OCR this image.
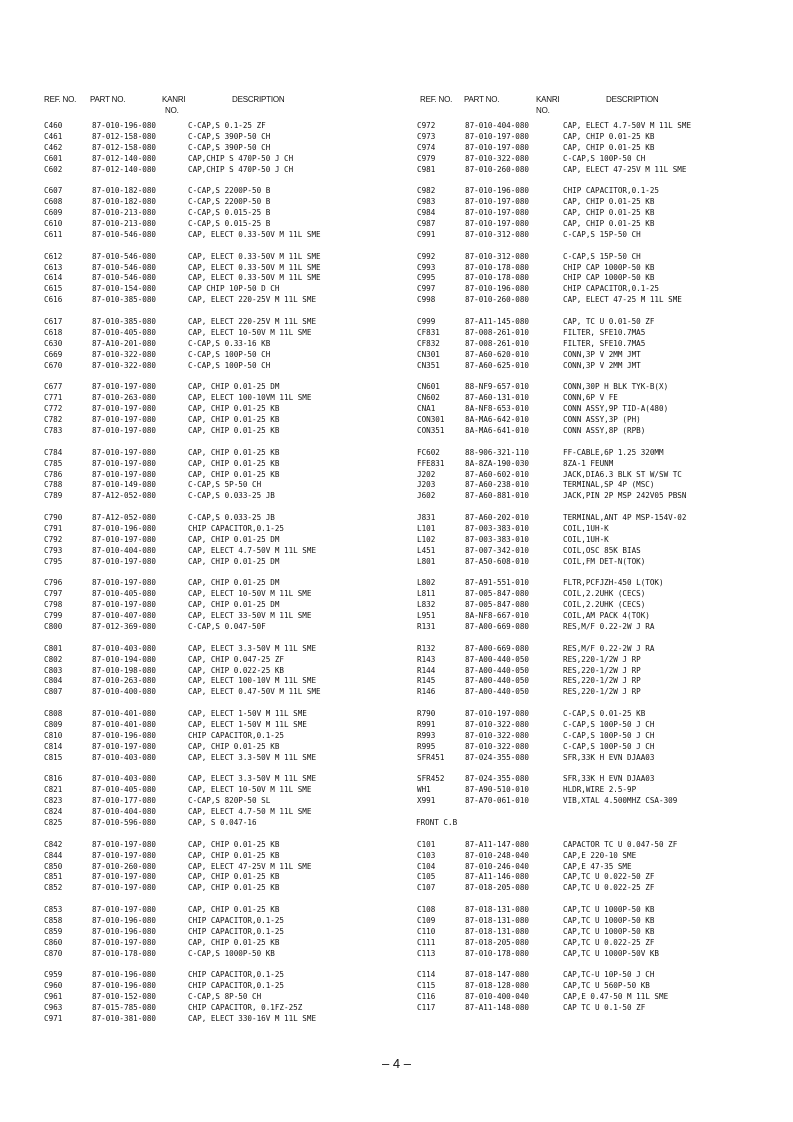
REF. NO. PART NO.	KANRI
NO.
DESCRIPTION
C460	87-010-196-080	C-CAP,S 0.1-25 ZF
C461	87-012-158-080	C-CAP,S 390P-50 CH
C462	87-012-158-080	C-CAP,S 390P-50 CH
C601	87-012-140-080	CAP,CHIP S 470P-50 J CH
C602	87-012-140-080	CAP,CHIP S 470P-50 J CH
C607	87-010-182-080	C-CAP,S 2200P-50 B
C608	87-010-182-080	C-CAP,S 2200P-50 B
C609	87-010-213-080	C-CAP,S 0.015-25 B
C610	87-010-213-080	C-CAP,S 0.015-25 B
C611	87-010-546-080	CAP, ELECT 0.33-50V M 11L SME
C612	87-010-546-080	CAP, ELECT 0.33-50V M 11L SME
C613	87-010-546-080	CAP, ELECT 0.33-50V M 11L SME
C614	87-010-546-080	CAP, ELECT 0.33-50V M 11L SME
C615	87-010-154-080	CAP CHIP 10P-50 D CH
C616	87-010-385-080	CAP, ELECT 220-25V M 11L SME
C617	87-010-385-080	CAP, ELECT 220-25V M 11L SME
C618	87-010-405-080	CAP, ELECT 10-50V M 11L SME
C630	87-A10-201-080	C-CAP,S 0.33-16 KB
C669	87-010-322-080	C-CAP,S 100P-50 CH
C670	87-010-322-080	C-CAP,S 100P-50 CH
C677	87-010-197-080	CAP, CHIP 0.01-25 DM
C771	87-010-263-080	CAP, ELECT 100-10VM 11L SME
C772	87-010-197-080	CAP, CHIP 0.01-25 KB
C782	87-010-197-080	CAP, CHIP 0.01-25 KB
C783	87-010-197-080	CAP, CHIP 0.01-25 KB
C784	87-010-197-080	CAP, CHIP 0.01-25 KB
C785	87-010-197-080	CAP, CHIP 0.01-25 KB
C786	87-010-197-080	CAP, CHIP 0.01-25 KB
C788	87-010-149-080	C-CAP,S 5P-50 CH
C789	87-A12-052-080	C-CAP,S 0.033-25 JB
C790	87-A12-052-080	C-CAP,S 0.033-25 JB
C791	87-010-196-080	CHIP CAPACITOR,0.1-25
C792	87-010-197-080	CAP, CHIP 0.01-25 DM
C793	87-010-404-080	CAP, ELECT 4.7-50V M 11L SME
C795	87-010-197-080	CAP, CHIP 0.01-25 DM
C796	87-010-197-080	CAP, CHIP 0.01-25 DM
C797	87-010-405-080	CAP, ELECT 10-50V M 11L SME
C798	87-010-197-080	CAP, CHIP 0.01-25 DM
C799	87-010-407-080	CAP, ELECT 33-50V M 11L SME
C800	87-012-369-080	C-CAP,S 0.047-50F
C801	87-010-403-080	CAP, ELECT 3.3-50V M 11L SME
C802	87-010-194-080	CAP, CHIP 0.047-25 ZF
C803	87-010-198-080	CAP, CHIP 0.022-25 KB
C804	87-010-263-080	CAP, ELECT 100-10V M 11L SME
C807	87-010-400-080	CAP, ELECT 0.47-50V M 11L SME
C808	87-010-401-080	CAP, ELECT 1-50V M 11L SME
C809	87-010-401-080	CAP, ELECT 1-50V M 11L SME
C810	87-010-196-080	CHIP CAPACITOR,0.1-25
C814	87-010-197-080	CAP, CHIP 0.01-25 KB
C815	87-010-403-080	CAP, ELECT 3.3-50V M 11L SME
C816	87-010-403-080	CAP, ELECT 3.3-50V M 11L SME
C821	87-010-405-080	CAP, ELECT 10-50V M 11L SME
C823	87-010-177-080	C-CAP,S 820P-50 SL
C824	87-010-404-080	CAP, ELECT 4.7-50 M 11L SME
C825	87-010-596-080	CAP, S 0.047-16
C842	87-010-197-080	CAP, CHIP 0.01-25 KB
C844	87-010-197-080	CAP, CHIP 0.01-25 KB
C850	87-010-260-080	CAP, ELECT 47-25V M 11L SME
C851	87-010-197-080	CAP, CHIP 0.01-25 KB
C852	87-010-197-080	CAP, CHIP 0.01-25 KB
C853	87-010-197-080	CAP, CHIP 0.01-25 KB
C858	87-010-196-080	CHIP CAPACITOR,0.1-25
C859	87-010-196-080	CHIP CAPACITOR,0.1-25
C860	87-010-197-080	CAP, CHIP 0.01-25 KB
C870	87-010-178-080	C-CAP,S 1000P-50 KB
C959	87-010-196-080	CHIP CAPACITOR,0.1-25
C960	87-010-196-080	CHIP CAPACITOR,0.1-25
C961	87-010-152-080	C-CAP,S 8P-50 CH
C963	87-015-785-080	CHIP CAPACITOR, 0.1FZ-25Z
C971	87-010-381-080	CAP, ELECT 330-16V M 11L SME
REF. NO. PART NO.	KANRI
NO.
DESCRIPTION
C972	87-010-404-080	CAP, ELECT 4.7-50V M 11L SME
C973	87-010-197-080	CAP, CHIP 0.01-25 KB
C974	87-010-197-080	CAP, CHIP 0.01-25 KB
C979	87-010-322-080	C-CAP,S 100P-50 CH
C981	87-010-260-080	CAP, ELECT 47-25V M 11L SME
C982	87-010-196-080	CHIP CAPACITOR,0.1-25
C983	87-010-197-080	CAP, CHIP 0.01-25 KB
C984	87-010-197-080	CAP, CHIP 0.01-25 KB
C987	87-010-197-080	CAP, CHIP 0.01-25 KB
C991	87-010-312-080	C-CAP,S 15P-50 CH
C992	87-010-312-080	C-CAP,S 15P-50 CH
C993	87-010-178-080	CHIP CAP 1000P-50 KB
C995	87-010-178-080	CHIP CAP 1000P-50 KB
C997	87-010-196-080	CHIP CAPACITOR,0.1-25
C998	87-010-260-080	CAP, ELECT 47-25 M 11L SME
C999	87-A11-145-080	CAP, TC U 0.01-50 ZF
CF831	87-008-261-010	FILTER, SFE10.7MA5
CF832	87-008-261-010	FILTER, SFE10.7MA5
CN301	87-A60-620-010	CONN,3P V 2MM JMT
CN351	87-A60-625-010	CONN,3P V 2MM JMT
CN601	88-NF9-657-010	CONN,30P H BLK TYK-B(X)
CN602	87-A60-131-010	CONN,6P V FE
CNA1	8A-NF8-653-010	CONN ASSY,9P TID-A(480)
CON301	8A-MA6-642-010	CONN ASSY,3P (PH)
CON351	8A-MA6-641-010	CONN ASSY,8P (RPB)
FC602	88-906-321-110	FF-CABLE,6P 1.25 320MM
FFE831	8A-8ZA-190-030	8ZA-1 FEUNM
J202	87-A60-602-010	JACK,DIA6.3 BLK ST W/SW TC
J203	87-A60-238-010	TERMINAL,SP 4P (MSC)
J602	87-A60-881-010	JACK,PIN 2P MSP 242V05 PBSN
J831	87-A60-202-010	TERMINAL,ANT 4P MSP-154V-02
L101	87-003-383-010	COIL,1UH-K
L102	87-003-383-010	COIL,1UH-K
L451	87-007-342-010	COIL,OSC 85K BIAS
L801	87-A50-608-010	COIL,FM DET-N(TOK)
L802	87-A91-551-010	FLTR,PCFJZH-450 L(TOK)
L811	87-005-847-080	COIL,2.2UHK (CECS)
L832	87-005-847-080	COIL,2.2UHK (CECS)
L951	8A-NF8-667-010	COIL,AM PACK 4(TOK)
R131	87-A00-669-080	RES,M/F 0.22-2W J RA
R132	87-A00-669-080	RES,M/F 0.22-2W J RA
R143	87-A00-440-050	RES,220-1/2W J RP
R144	87-A00-440-050	RES,220-1/2W J RP
R145	87-A00-440-050	RES,220-1/2W J RP
R146	87-A00-440-050	RES,220-1/2W J RP
R790	87-010-197-080	C-CAP,S 0.01-25 KB
R991	87-010-322-080	C-CAP,S 100P-50 J CH
R993	87-010-322-080	C-CAP,S 100P-50 J CH
R995	87-010-322-080	C-CAP,S 100P-50 J CH
SFR451	87-024-355-080	SFR,33K H EVN DJAA03
SFR452	87-024-355-080	SFR,33K H EVN DJAA03
WH1	87-A90-510-010	HLDR,WIRE 2.5-9P
X991	87-A70-061-010	VIB,XTAL 4.500MHZ CSA-309
FRONT C.B
C101	87-A11-147-080	CAPACTOR TC U 0.047-50 ZF
C103	87-010-248-040	CAP,E 220-10 SME
C104	87-010-246-040	CAP,E 47-35 SME
C105	87-A11-146-080	CAP,TC U 0.022-50 ZF
C107	87-018-205-080	CAP,TC U 0.022-25 ZF
C108	87-018-131-080	CAP,TC U 1000P-50 KB
C109	87-018-131-080	CAP,TC U 1000P-50 KB
C110	87-018-131-080	CAP,TC U 1000P-50 KB
C111	87-018-205-080	CAP,TC U 0.022-25 ZF
C113	87-010-178-080	CAP,TC U 1000P-50V KB
C114	87-018-147-080	CAP,TC-U 10P-50 J CH
C115	87-018-128-080	CAP,TC U 560P-50 KB
C116	87-010-400-040	CAP,E 0.47-50 M 11L SME
C117	87-A11-148-080	CAP TC U 0.1-50 ZF
– 4 –
